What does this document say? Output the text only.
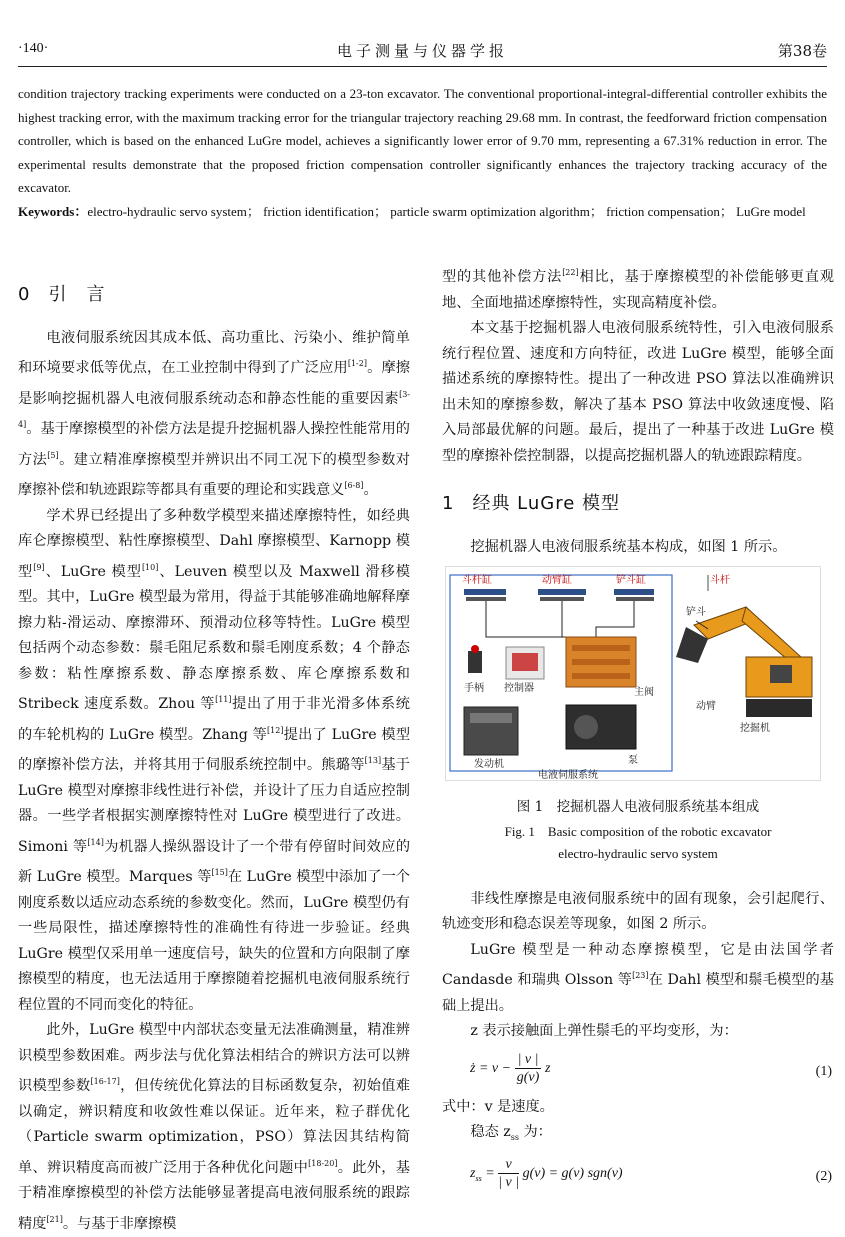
·140·	电子测量与仪器学报	第38卷

condition trajectory tracking experiments were conducted on a 23-ton excavator. The conventional proportional-integral-differential controller exhibits the highest tracking error, with the maximum tracking error for the triangular trajectory reaching 29.68 mm. In contrast, the feedforward friction compensation controller, which is based on the enhanced LuGre model, achieves a significantly lower error of 9.70 mm, representing a 67.31% reduction in error. The experimental results demonstrate that the proposed friction compensation controller significantly enhances the trajectory tracking accuracy of the excavator.

Keywords：electro-hydraulic servo system； friction identification； particle swarm optimization algorithm； friction compensation； LuGre model

0 引　言

电液伺服系统因其成本低、高功重比、污染小、维护简单和环境要求低等优点，在工业控制中得到了广泛应用[1-2]。摩擦是影响挖掘机器人电液伺服系统动态和静态性能的重要因素[3-4]。基于摩擦模型的补偿方法是提升挖掘机器人操控性能常用的方法[5]。建立精准摩擦模型并辨识出不同工况下的模型参数对摩擦补偿和轨迹跟踪等都具有重要的理论和实践意义[6-8]。

学术界已经提出了多种数学模型来描述摩擦特性，如经典库仑摩擦模型、粘性摩擦模型、Dahl 摩擦模型、Karnopp 模型[9]、LuGre 模型[10]、Leuven 模型以及 Maxwell 滑移模型。其中，LuGre 模型最为常用，得益于其能够准确地解释摩擦力粘-滑运动、摩擦滞环、预滑动位移等特性。LuGre 模型包括两个动态参数：鬃毛阻尼系数和鬃毛刚度系数；4 个静态参数：粘性摩擦系数、静态摩擦系数、库仑摩擦系数和 Stribeck 速度系数。Zhou 等[11]提出了用于非光滑多体系统的车轮机构的 LuGre 模型。Zhang 等[12]提出了 LuGre 模型的摩擦补偿方法，并将其用于伺服系统控制中。熊璐等[13]基于 LuGre 模型对摩擦非线性进行补偿，并设计了压力自适应控制器。一些学者根据实测摩擦特性对 LuGre 模型进行了改进。Simoni 等[14]为机器人操纵器设计了一个带有停留时间效应的新 LuGre 模型。Marques 等[15]在 LuGre 模型中添加了一个刚度系数以适应动态系统的参数变化。然而，LuGre 模型仍有一些局限性，描述摩擦特性的准确性有待进一步验证。经典 LuGre 模型仅采用单一速度信号，缺失的位置和方向限制了摩擦模型的精度，也无法适用于摩擦随着挖掘机电液伺服系统行程位置的不同而变化的特征。

此外，LuGre 模型中内部状态变量无法准确测量，精准辨识模型参数困难。两步法与优化算法相结合的辨识方法可以辨识模型参数[16-17]，但传统优化算法的目标函数复杂，初始值难以确定，辨识精度和收敛性难以保证。近年来，粒子群优化（Particle swarm optimization，PSO）算法因其结构简单、辨识精度高而被广泛用于各种优化问题中[18-20]。此外，基于精准摩擦模型的补偿方法能够显著提高电液伺服系统的跟踪精度[21]。与基于非摩擦模

型的其他补偿方法[22]相比，基于摩擦模型的补偿能够更直观地、全面地描述摩擦特性，实现高精度补偿。

本文基于挖掘机器人电液伺服系统特性，引入电液伺服系统行程位置、速度和方向特征，改进 LuGre 模型，能够全面描述系统的摩擦特性。提出了一种改进 PSO 算法以准确辨识出未知的摩擦参数，解决了基本 PSO 算法中收敛速度慢、陷入局部最优解的问题。最后，提出了一种基于改进 LuGre 模型的摩擦补偿控制器，以提高挖掘机器人的轨迹跟踪精度。

1 经典 LuGre 模型

挖掘机器人电液伺服系统基本构成，如图 1 所示。

斗杆缸	动臂缸	铲斗缸
手柄 控制器	主阀
发动机	泵
电液伺服系统
斗杆
铲斗
动臂
挖掘机

图 1　挖掘机器人电液伺服系统基本组成

Fig. 1　Basic composition of the robotic excavator
electro-hydraulic servo system

非线性摩擦是电液伺服系统中的固有现象，会引起爬行、轨迹变形和稳态误差等现象，如图 2 所示。

LuGre 模型是一种动态摩擦模型，它是由法国学者 Candasde 和瑞典 Olsson 等[23]在 Dahl 模型和鬃毛模型的基础上提出。

z 表示接触面上弹性鬃毛的平均变形，为：

ż = $v - \frac{| v |}{g(v)}$ z	(1)

式中：v 是速度。

稳态 $z_{ss}$ 为：

$z_{ss} = \frac{v}{| v |} g(v) = g(v)$ sgn(v)	(2)
